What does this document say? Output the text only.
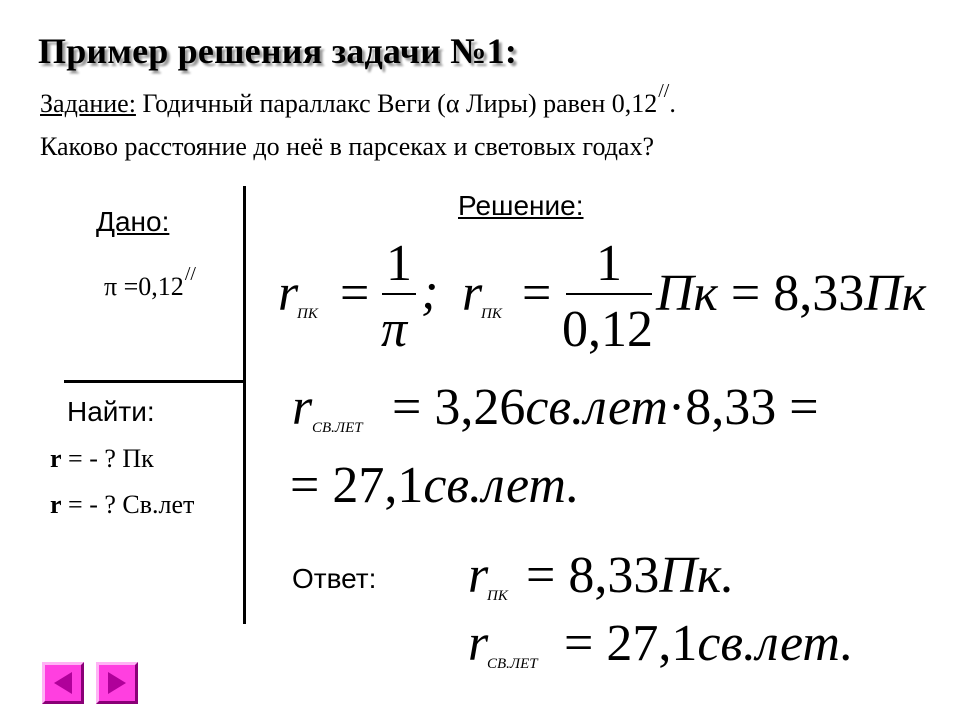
Пример решения задачи №1:
Задание: Годичный параллакс Веги (α Лиры) равен 0,12//.
Каково расстояние до неё в парсеках и световых годах?
Дано:
π =0,12//
Найти:
r = - ? Пк
r = - ? Св.лет
Решение:
r
ПК =
1
π
; r
ПК =
1
0,12
Пк = 8,33Пк
r СВ.ЛЕТ = 3,26св.лет·8,33 =
= 27,1св.лет.
Ответ: r
ПК = 8,33Пк.
r
СВ.ЛЕТ = 27,1св.лет.
